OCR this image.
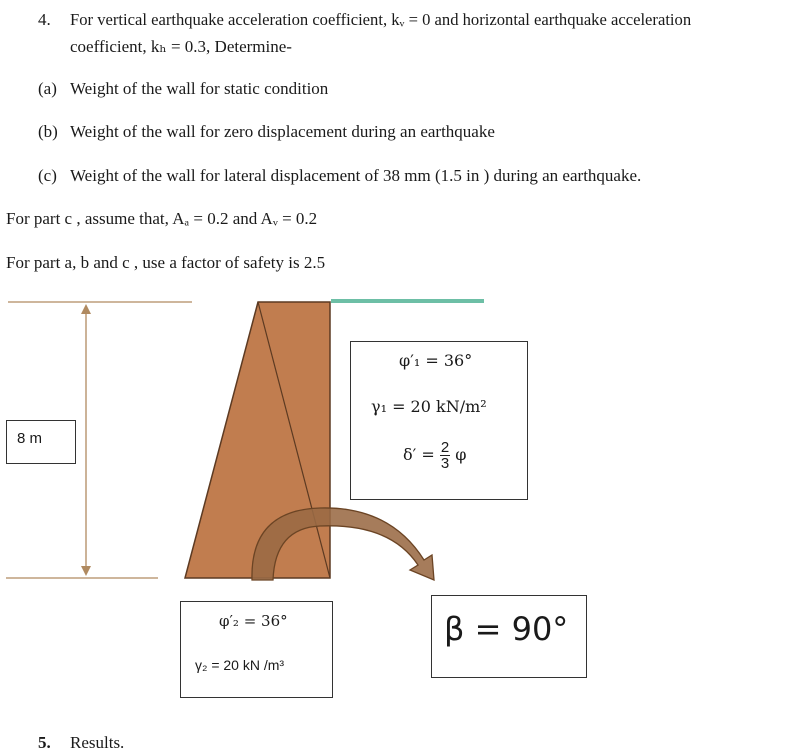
4. For vertical earthquake acceleration coefficient, kᵥ = 0 and horizontal earthquake acceleration
coefficient, kₕ = 0.3, Determine-
(a) Weight of the wall for static condition
(b) Weight of the wall for zero displacement during an earthquake
(c) Weight of the wall for lateral displacement of 38 mm (1.5 in ) during an earthquake.
For part c , assume that, Aₐ = 0.2 and Aᵥ = 0.2
For part a, b and c , use a factor of safety is 2.5
8 m
φ′₁ = 36°
γ₁ = 20 kN/m²
$\delta' = \frac{2}{3}$ φ
φ′₂ = 36°
γ₂ = 20 kN /m³
β = 90°
5. Results.
